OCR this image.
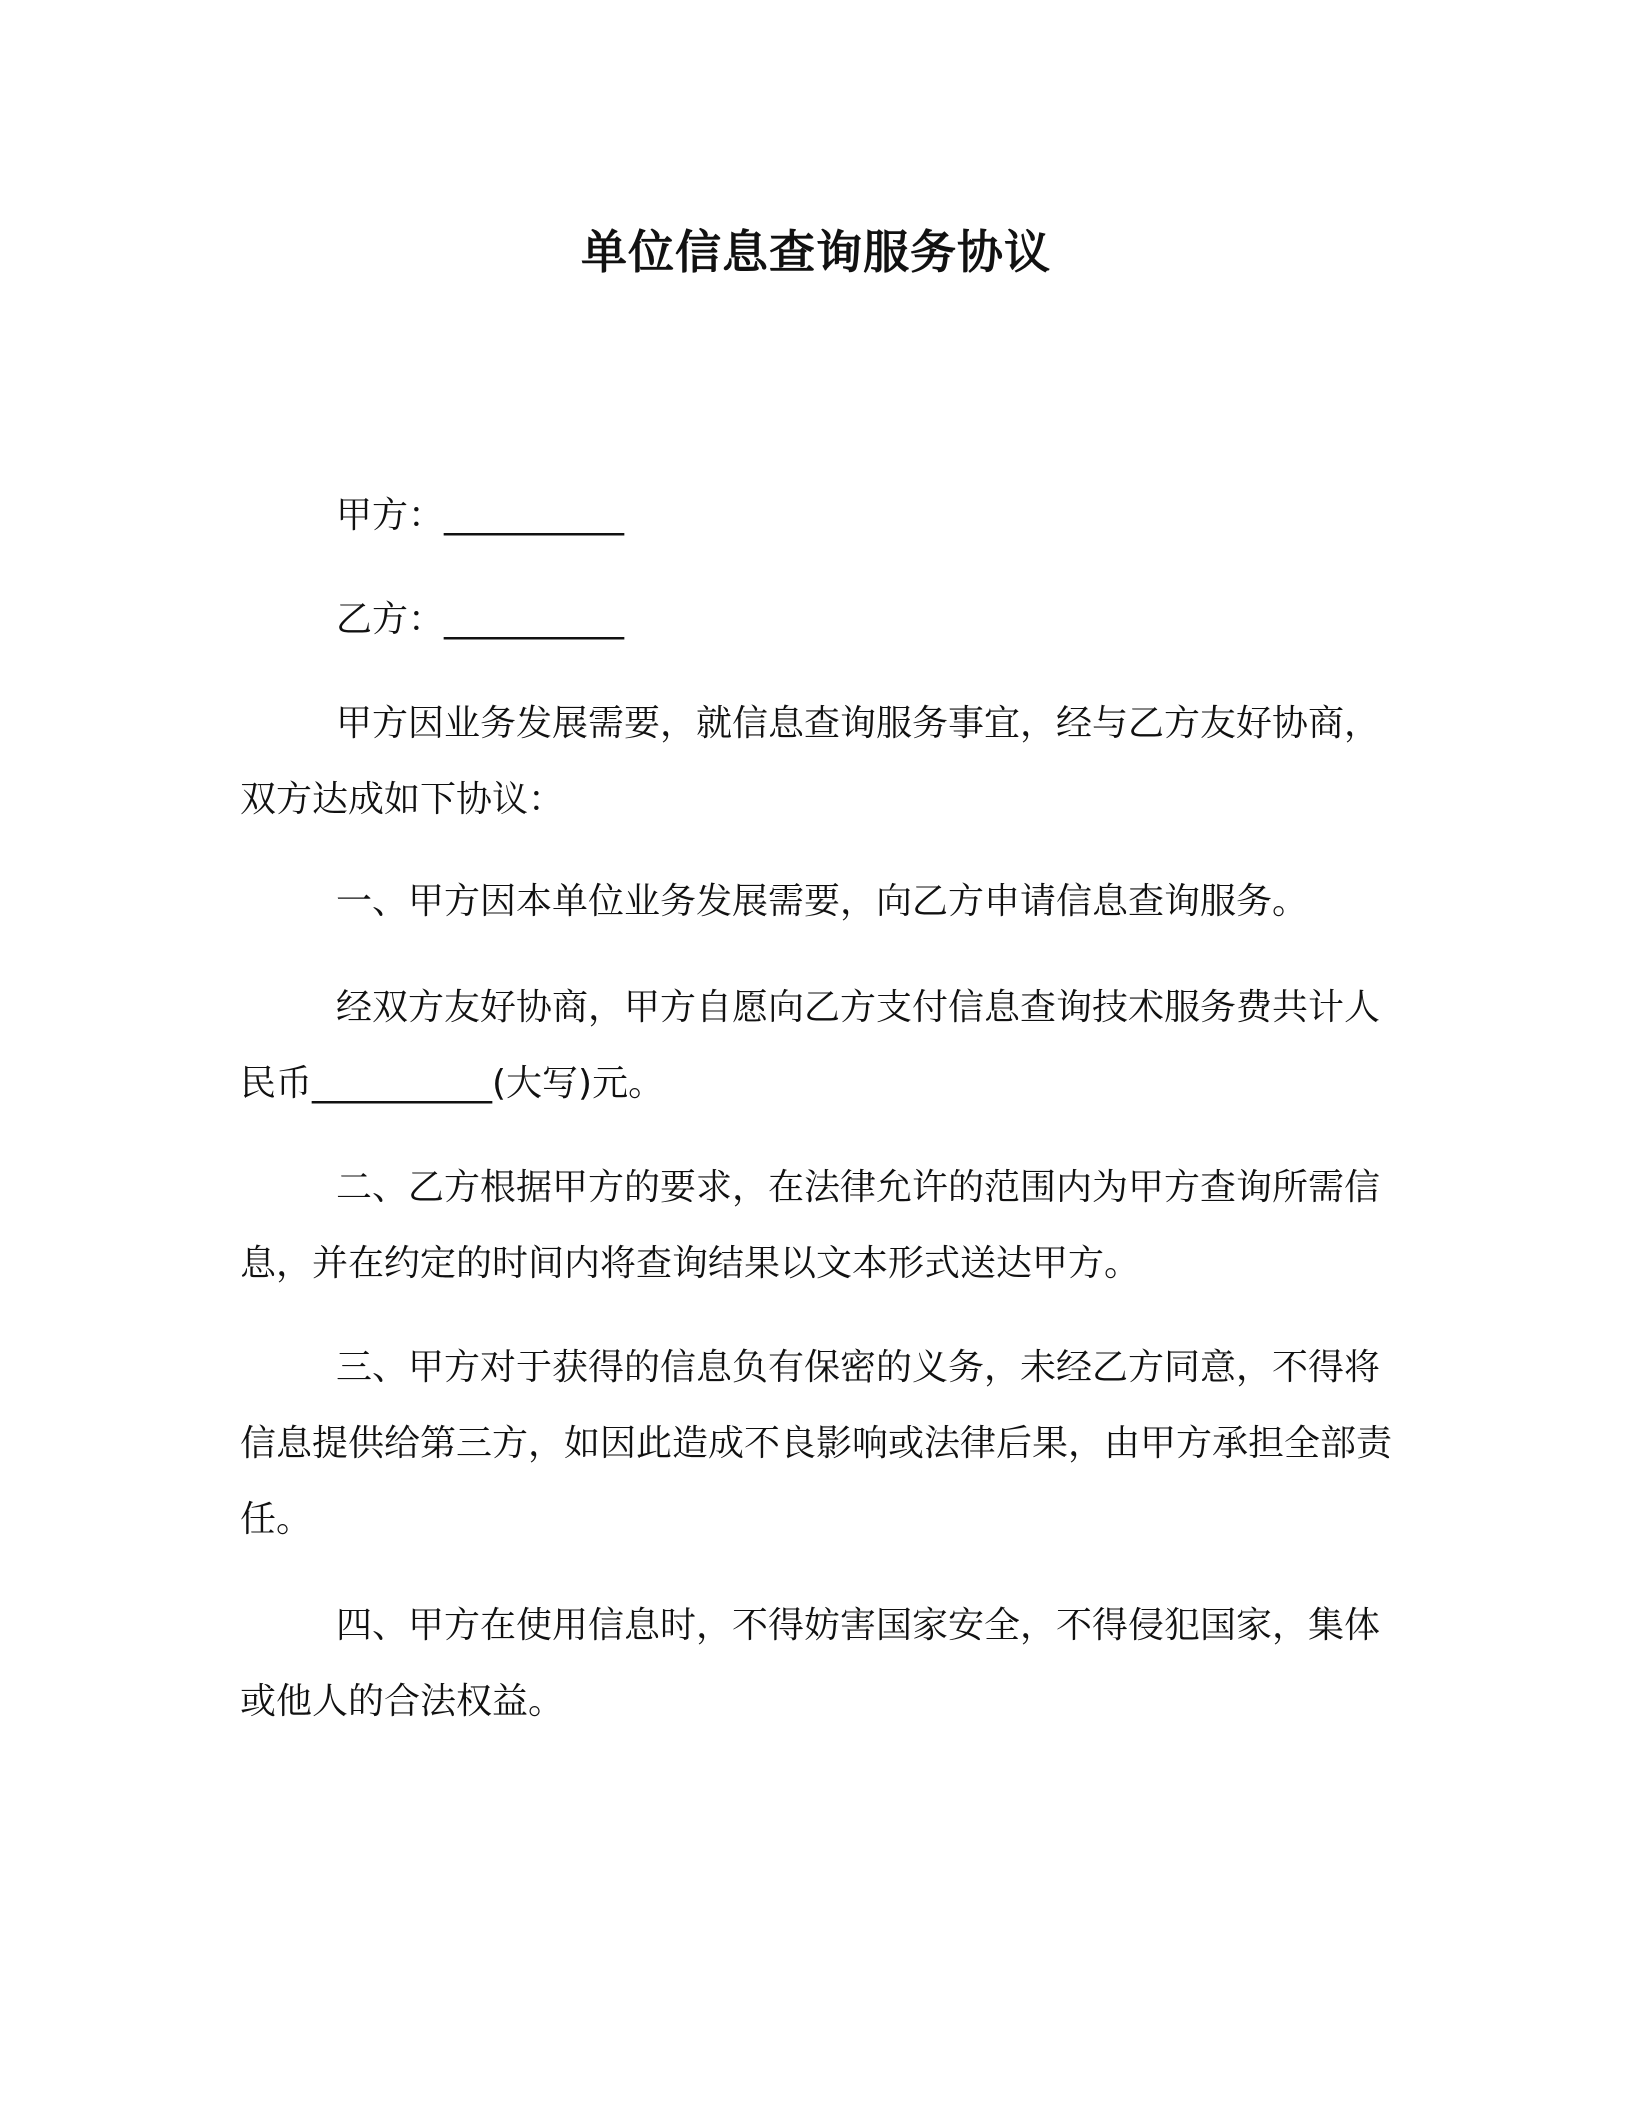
单位信息查询服务协议

甲方：__________

乙方：__________

甲方因业务发展需要，就信息查询服务事宜，经与乙方友好协商，双方达成如下协议：

一、甲方因本单位业务发展需要，向乙方申请信息查询服务。

经双方友好协商，甲方自愿向乙方支付信息查询技术服务费共计人民币__________(大写)元。

二、乙方根据甲方的要求，在法律允许的范围内为甲方查询所需信息，并在约定的时间内将查询结果以文本形式送达甲方。

三、甲方对于获得的信息负有保密的义务，未经乙方同意，不得将信息提供给第三方，如因此造成不良影响或法律后果，由甲方承担全部责任。

四、甲方在使用信息时，不得妨害国家安全，不得侵犯国家，集体或他人的合法权益。
